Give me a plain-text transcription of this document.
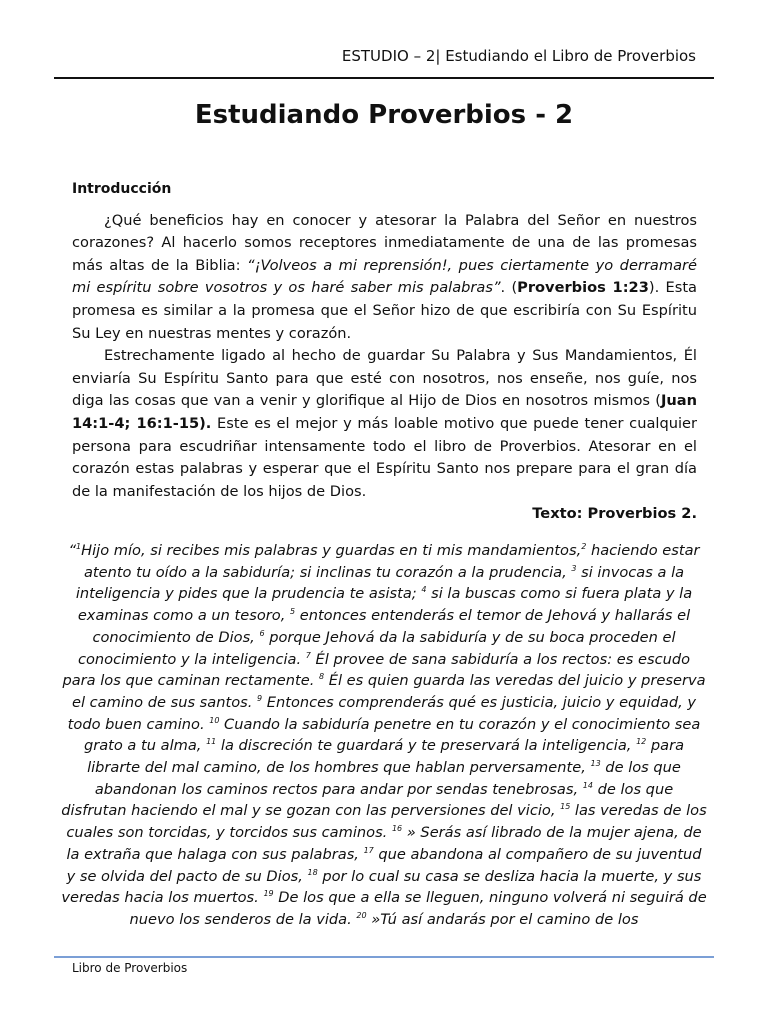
ESTUDIO – 2| Estudiando el Libro de Proverbios
Estudiando Proverbios - 2
Introducción

¿Qué beneficios hay en conocer y atesorar la Palabra del Señor en nuestros corazones? Al hacerlo somos receptores inmediatamente de una de las promesas más altas de la Biblia: “¡Volveos a mi reprensión!, pues ciertamente yo derramaré mi espíritu sobre vosotros y os haré saber mis palabras”. (Proverbios 1:23). Esta promesa es similar a la promesa que el Señor hizo de que escribiría con Su Espíritu Su Ley en nuestras mentes y corazón.

Estrechamente ligado al hecho de guardar Su Palabra y Sus Mandamientos, Él enviaría Su Espíritu Santo para que esté con nosotros, nos enseñe, nos guíe, nos diga las cosas que van a venir y glorifique al Hijo de Dios en nosotros mismos (Juan 14:1-4; 16:1-15). Este es el mejor y más loable motivo que puede tener cualquier persona para escudriñar intensamente todo el libro de Proverbios. Atesorar en el corazón estas palabras y esperar que el Espíritu Santo nos prepare para el gran día de la manifestación de los hijos de Dios.

Texto: Proverbios 2.

“$^1$Hijo mío, si recibes mis palabras y guardas en ti mis mandamientos,$^2$ haciendo estar atento tu oído a la sabiduría; si inclinas tu corazón a la prudencia, $^3$ si invocas a la inteligencia y pides que la prudencia te asista; $^4$ si la buscas como si fuera plata y la examinas como a un tesoro, $^5$ entonces entenderás el temor de Jehová y hallarás el conocimiento de Dios, $^6$ porque Jehová da la sabiduría y de su boca proceden el conocimiento y la inteligencia. $^7$ Él provee de sana sabiduría a los rectos: es escudo para los que caminan rectamente. $^8$ Él es quien guarda las veredas del juicio y preserva el camino de sus santos. $^9$ Entonces comprenderás qué es justicia, juicio y equidad, y todo buen camino. $^{10}$ Cuando la sabiduría penetre en tu corazón y el conocimiento sea grato a tu alma, $^{11}$ la discreción te guardará y te preservará la inteligencia, $^{12}$ para librarte del mal camino, de los hombres que hablan perversamente, $^{13}$ de los que abandonan los caminos rectos para andar por sendas tenebrosas, $^{14}$ de los que disfrutan haciendo el mal y se gozan con las perversiones del vicio, $^{15}$ las veredas de los cuales son torcidas, y torcidos sus caminos. $^{16}$ » Serás así librado de la mujer ajena, de la extraña que halaga con sus palabras, $^{17}$ que abandona al compañero de su juventud y se olvida del pacto de su Dios, $^{18}$ por lo cual su casa se desliza hacia la muerte, y sus veredas hacia los muertos. $^{19}$ De los que a ella se lleguen, ninguno volverá ni seguirá de nuevo los senderos de la vida. $^{20}$ »Tú así andarás por el camino de los
Libro de Proverbios
